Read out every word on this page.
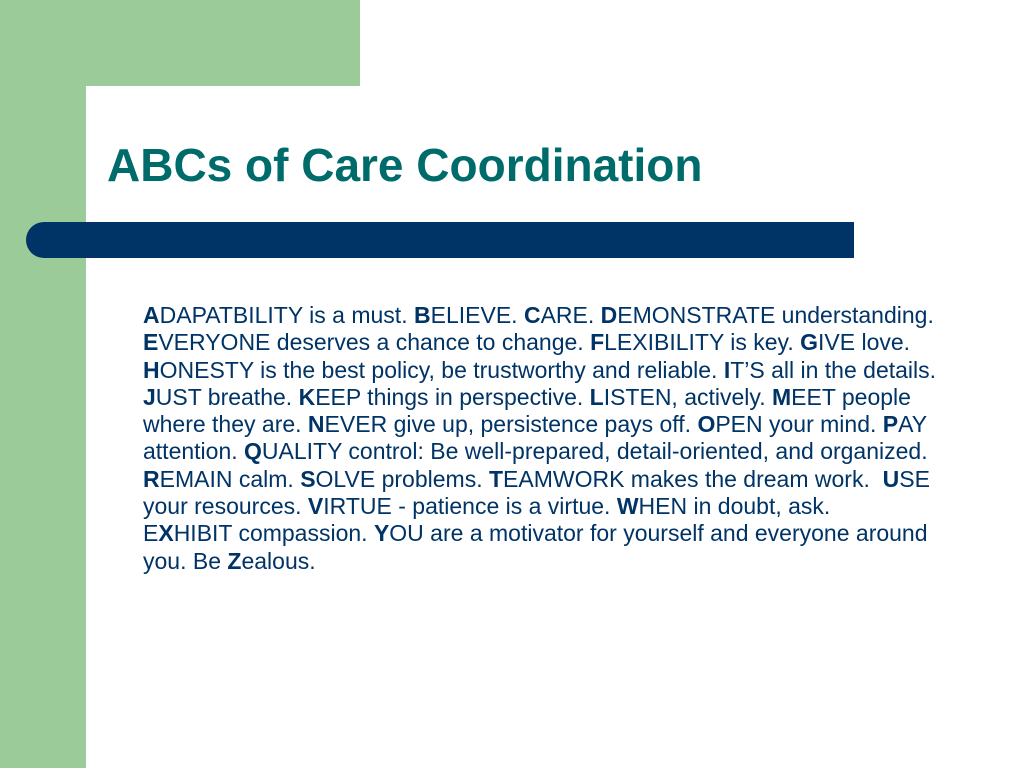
ABCs of Care Coordination

ADAPATBILITY is a must. BELIEVE. CARE. DEMONSTRATE understanding. EVERYONE deserves a chance to change. FLEXIBILITY is key. GIVE love.  HONESTY is the best policy, be trustworthy and reliable. IT’S all in the details. JUST breathe. KEEP things in perspective. LISTEN, actively. MEET people where they are. NEVER give up, persistence pays off. OPEN your mind. PAY attention. QUALITY control: Be well-prepared, detail-oriented, and organized. REMAIN calm. SOLVE problems. TEAMWORK makes the dream work.  USE your resources. VIRTUE - patience is a virtue. WHEN in doubt, ask.     EXHIBIT compassion. YOU are a motivator for yourself and everyone around you. Be Zealous.
